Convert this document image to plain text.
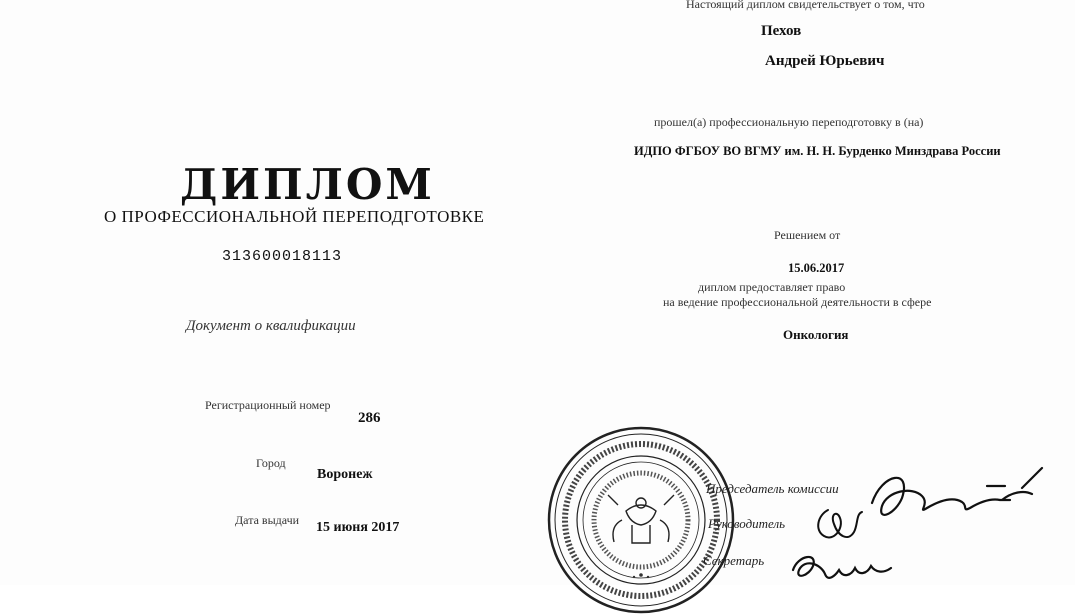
ДИПЛОМ
О ПРОФЕССИОНАЛЬНОЙ ПЕРЕПОДГОТОВКЕ
313600018113
Документ о квалификации
Регистрационный номер
286
Город
Воронеж
Дата выдачи 15 июня 2017
Настоящий диплом свидетельствует о том, что
Пехов
Андрей Юрьевич
прошел(а) профессиональную переподготовку в (на)
ИДПО ФГБОУ ВО ВГМУ им. Н. Н. Бурденко Минздрава России
Решением от
15.06.2017
диплом предоставляет право
на ведение профессиональной деятельности в сфере
Онкология
Председатель комиссии
Руководитель
Секретарь
